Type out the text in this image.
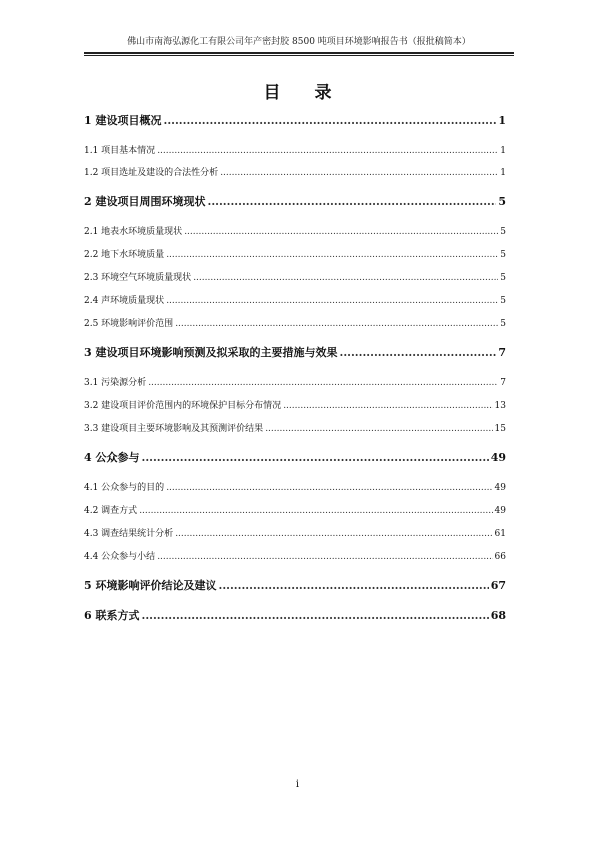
佛山市南海弘源化工有限公司年产密封胶 8500 吨项目环境影响报告书（报批稿简本）
目 录
1 建设项目概况 .....	1
1.1 项目基本情况 .....	1
1.2 项目选址及建设的合法性分析 .....	1
2 建设项目周围环境现状 .....	5
2.1 地表水环境质量现状 .....	5
2.2 地下水环境质量 .....	5
2.3 环境空气环境质量现状 .....	5
2.4 声环境质量现状 .....	5
2.5 环境影响评价范围 .....	5
3 建设项目环境影响预测及拟采取的主要措施与效果 .....	7
3.1 污染源分析 .....	7
3.2 建设项目评价范围内的环境保护目标分布情况 .....	13
3.3 建设项目主要环境影响及其预测评价结果 .....	15
4 公众参与 .....	49
4.1 公众参与的目的 .....	49
4.2 调查方式 .....	49
4.3 调查结果统计分析 .....	61
4.4 公众参与小结 .....	66
5 环境影响评价结论及建议 .....	67
6 联系方式 .....	68
i
